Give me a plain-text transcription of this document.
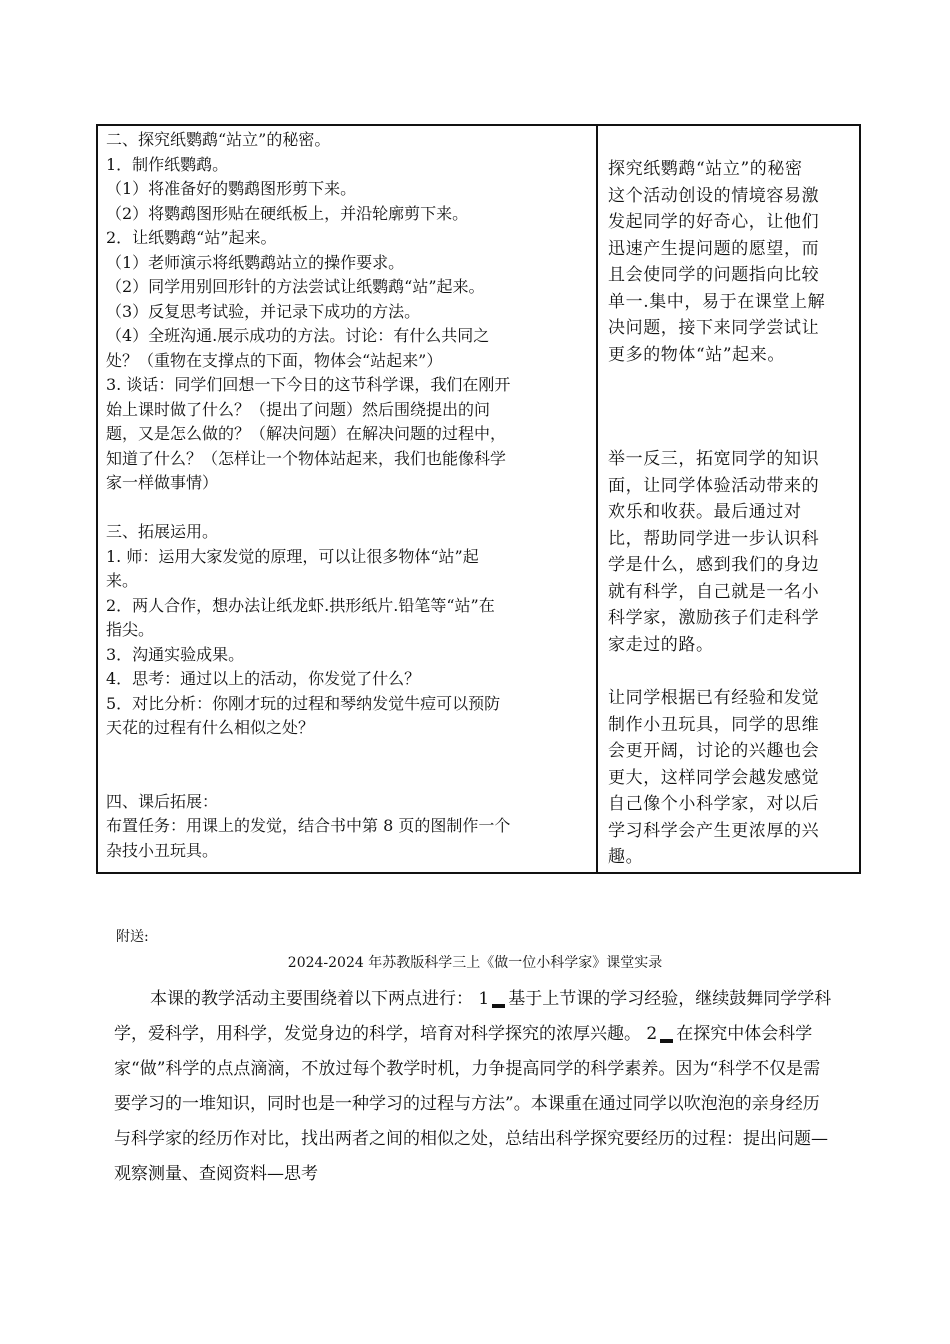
二、探究纸鹦鹉“站立”的秘密。
1．制作纸鹦鹉。
（1）将准备好的鹦鹉图形剪下来。
（2）将鹦鹉图形贴在硬纸板上，并沿轮廓剪下来。
2．让纸鹦鹉“站”起来。
（1）老师演示将纸鹦鹉站立的操作要求。
（2）同学用别回形针的方法尝试让纸鹦鹉“站”起来。
（3）反复思考试验，并记录下成功的方法。
（4）全班沟通.展示成功的方法。讨论：有什么共同之
处？（重物在支撑点的下面，物体会“站起来”）
3. 谈话：同学们回想一下今日的这节科学课，我们在刚开
始上课时做了什么？（提出了问题）然后围绕提出的问
题，又是怎么做的？（解决问题）在解决问题的过程中，
知道了什么？（怎样让一个物体站起来，我们也能像科学
家一样做事情）
三、拓展运用。
1. 师：运用大家发觉的原理，可以让很多物体“站”起
来。
2．两人合作，想办法让纸龙虾.拱形纸片.铅笔等“站”在
指尖。
3．沟通实验成果。
4．思考：通过以上的活动，你发觉了什么？
5．对比分析：你刚才玩的过程和琴纳发觉牛痘可以预防
天花的过程有什么相似之处？
四、课后拓展：
布置任务：用课上的发觉，结合书中第 8 页的图制作一个
杂技小丑玩具。
探究纸鹦鹉“站立”的秘密
这个活动创设的情境容易激
发起同学的好奇心，让他们
迅速产生提问题的愿望，而
且会使同学的问题指向比较
单一.集中，易于在课堂上解
决问题，接下来同学尝试让
更多的物体“站”起来。
举一反三，拓宽同学的知识
面，让同学体验活动带来的
欢乐和收获。最后通过对
比，帮助同学进一步认识科
学是什么，感到我们的身边
就有科学，自己就是一名小
科学家，激励孩子们走科学
家走过的路。
让同学根据已有经验和发觉
制作小丑玩具，同学的思维
会更开阔，讨论的兴趣也会
更大，这样同学会越发感觉
自己像个小科学家，对以后
学习科学会产生更浓厚的兴
趣。
附送:
2024-2024 年苏教版科学三上《做一位小科学家》课堂实录
本课的教学活动主要围绕着以下两点进行： 1 基于上节课的学习经验，继续鼓舞同学学科学，爱科学，用科学，发觉身边的科学，培育对科学探究的浓厚兴趣。 2 在探究中体会科学家“做”科学的点点滴滴，不放过每个教学时机，力争提高同学的科学素养。因为“科学不仅是需要学习的一堆知识，同时也是一种学习的过程与方法”。本课重在通过同学以吹泡泡的亲身经历与科学家的经历作对比，找出两者之间的相似之处，总结出科学探究要经历的过程：提出问题—观察测量、查阅资料—思考
